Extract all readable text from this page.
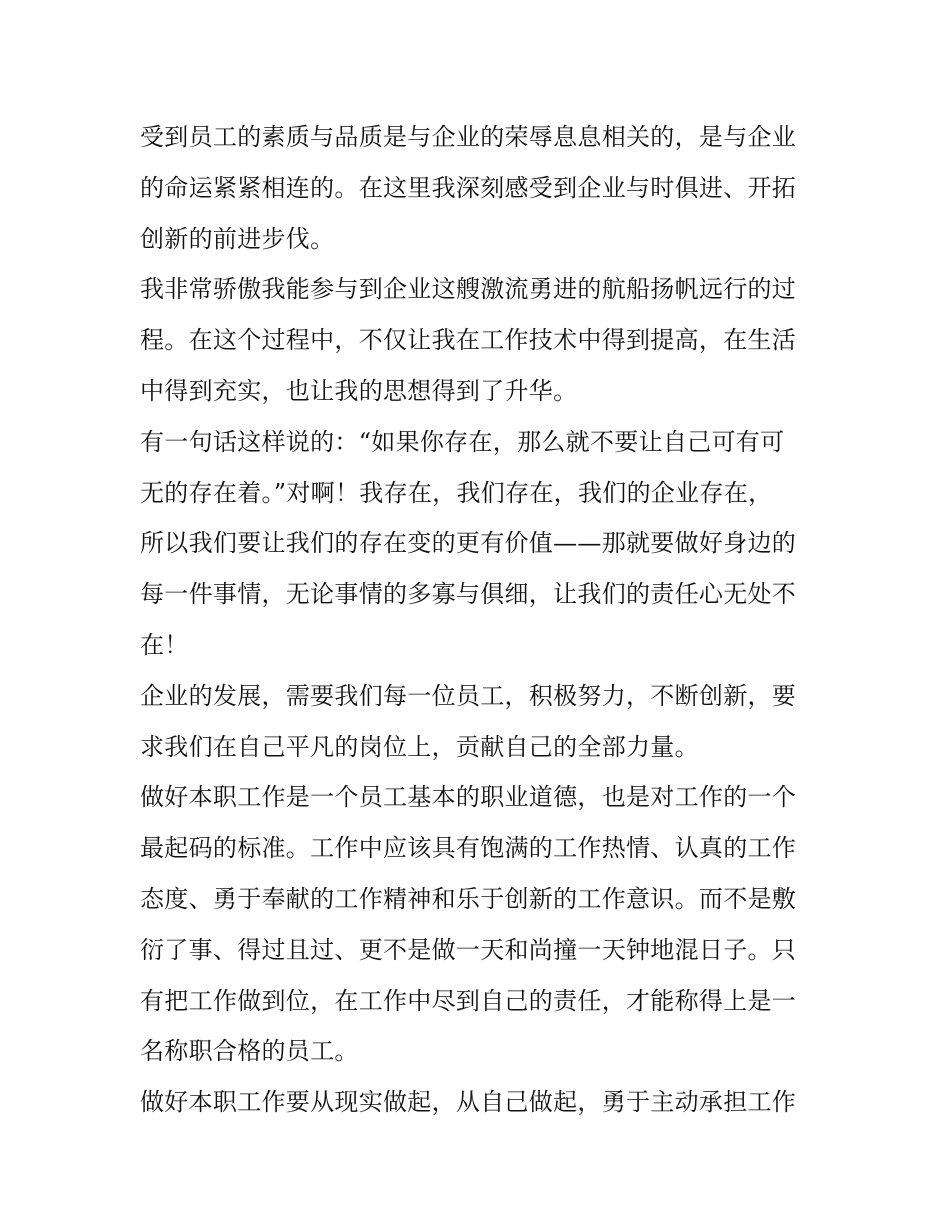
受到员工的素质与品质是与企业的荣辱息息相关的，是与企业
的命运紧紧相连的。在这里我深刻感受到企业与时俱进、开拓
创新的前进步伐。
我非常骄傲我能参与到企业这艘激流勇进的航船扬帆远行的过
程。在这个过程中，不仅让我在工作技术中得到提高，在生活
中得到充实，也让我的思想得到了升华。
有一句话这样说的：“如果你存在，那么就不要让自己可有可
无的存在着。”对啊！我存在，我们存在，我们的企业存在，
所以我们要让我们的存在变的更有价值——那就要做好身边的
每一件事情，无论事情的多寡与俱细，让我们的责任心无处不
在！
企业的发展，需要我们每一位员工，积极努力，不断创新，要
求我们在自己平凡的岗位上，贡献自己的全部力量。
做好本职工作是一个员工基本的职业道德，也是对工作的一个
最起码的标准。工作中应该具有饱满的工作热情、认真的工作
态度、勇于奉献的工作精神和乐于创新的工作意识。而不是敷
衍了事、得过且过、更不是做一天和尚撞一天钟地混日子。只
有把工作做到位，在工作中尽到自己的责任，才能称得上是一
名称职合格的员工。
做好本职工作要从现实做起，从自己做起，勇于主动承担工作
